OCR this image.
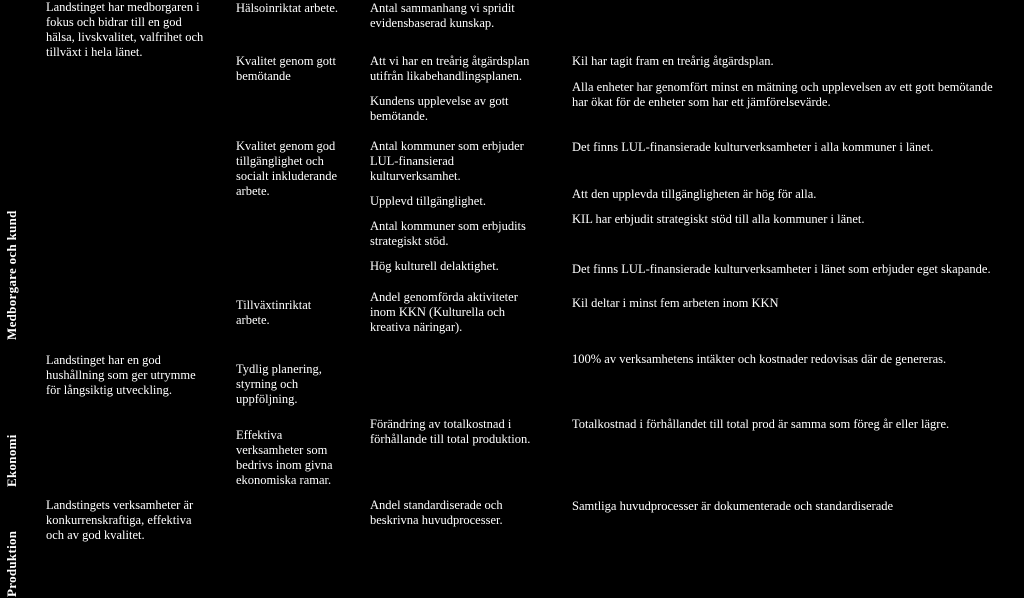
Medborgare och kund
Ekonomi
Produktion
Landstinget har medborgaren i
fokus och bidrar till en god
hälsa, livskvalitet, valfrihet och
tillväxt i hela länet.
Landstinget har en god
hushållning som ger utrymme
för långsiktig utveckling.
Landstingets verksamheter är
konkurrenskraftiga, effektiva
och av god kvalitet.
Hälsoinriktat arbete.
Kvalitet genom gott
bemötande
Kvalitet genom god
tillgänglighet och
socialt inkluderande
arbete.
Tillväxtinriktat
arbete.
Tydlig planering,
styrning och
uppföljning.
Effektiva
verksamheter som
bedrivs inom givna
ekonomiska ramar.
Antal sammanhang vi spridit
evidensbaserad kunskap.
Att vi har en treårig åtgärdsplan
utifrån likabehandlingsplanen.
Kundens upplevelse av gott
bemötande.
Antal kommuner som erbjuder
LUL-finansierad
kulturverksamhet.
Upplevd tillgänglighet.
Antal kommuner som erbjudits
strategiskt stöd.
Hög kulturell delaktighet.
Andel genomförda aktiviteter
inom KKN (Kulturella och
kreativa näringar).
Förändring av totalkostnad i
förhållande till total produktion.
Andel standardiserade och
beskrivna huvudprocesser.
Kil har tagit fram en treårig åtgärdsplan.
Alla enheter har genomfört minst en mätning och upplevelsen av ett gott bemötande
har ökat för de enheter som har ett jämförelsevärde.
Det finns LUL-finansierade kulturverksamheter i alla kommuner i länet.
Att den upplevda tillgängligheten är hög för alla.
KIL har erbjudit strategiskt stöd till alla kommuner i länet.
Det finns LUL-finansierade kulturverksamheter i länet som erbjuder eget skapande.
Kil deltar i minst fem arbeten inom KKN
100% av verksamhetens intäkter och kostnader redovisas där de genereras.
Totalkostnad i förhållandet till total prod är samma som föreg år eller lägre.
Samtliga huvudprocesser är dokumenterade och standardiserade
